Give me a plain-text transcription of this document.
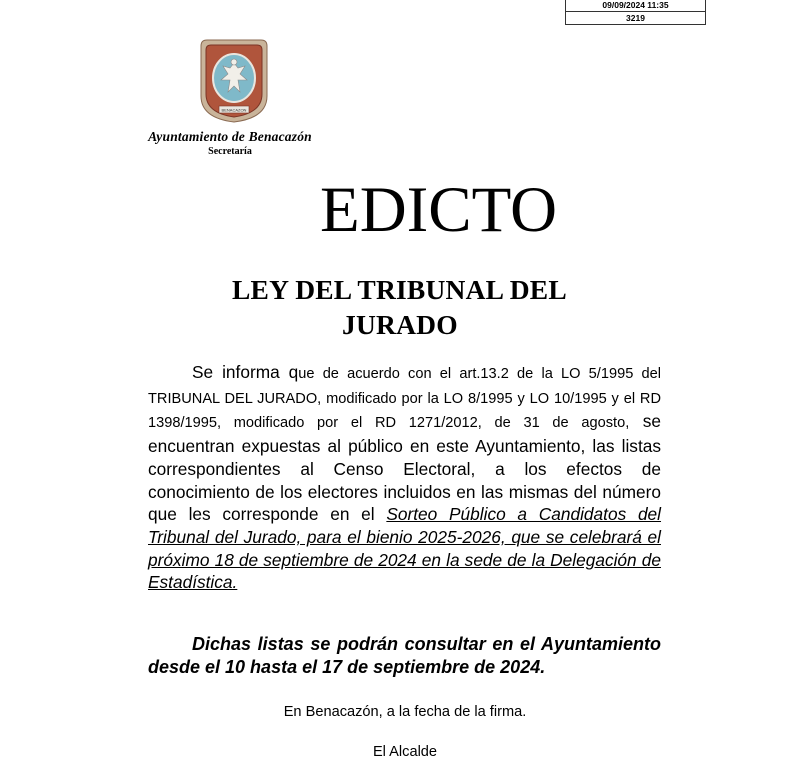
09/09/2024 11:35
3219
BENACAZON
Ayuntamiento de Benacazón
Secretaría
EDICTO
LEY DEL TRIBUNAL DEL
JURADO
Se informa que de acuerdo con el art.13.2 de la LO 5/1995 del TRIBUNAL DEL JURADO, modificado por la LO 8/1995 y LO 10/1995 y el RD 1398/1995, modificado por el RD 1271/2012, de 31 de agosto, se encuentran expuestas al público en este Ayuntamiento, las listas correspondientes al Censo Electoral, a los efectos de conocimiento de los electores incluidos en las mismas del número que les corresponde en el Sorteo Público a Candidatos del Tribunal del Jurado, para el bienio 2025-2026, que se celebrará el próximo 18 de septiembre de 2024 en la sede de la Delegación de Estadística.
Dichas listas se podrán consultar en el Ayuntamiento desde el 10 hasta el 17 de septiembre de 2024.
En Benacazón, a la fecha de la firma.
El Alcalde
